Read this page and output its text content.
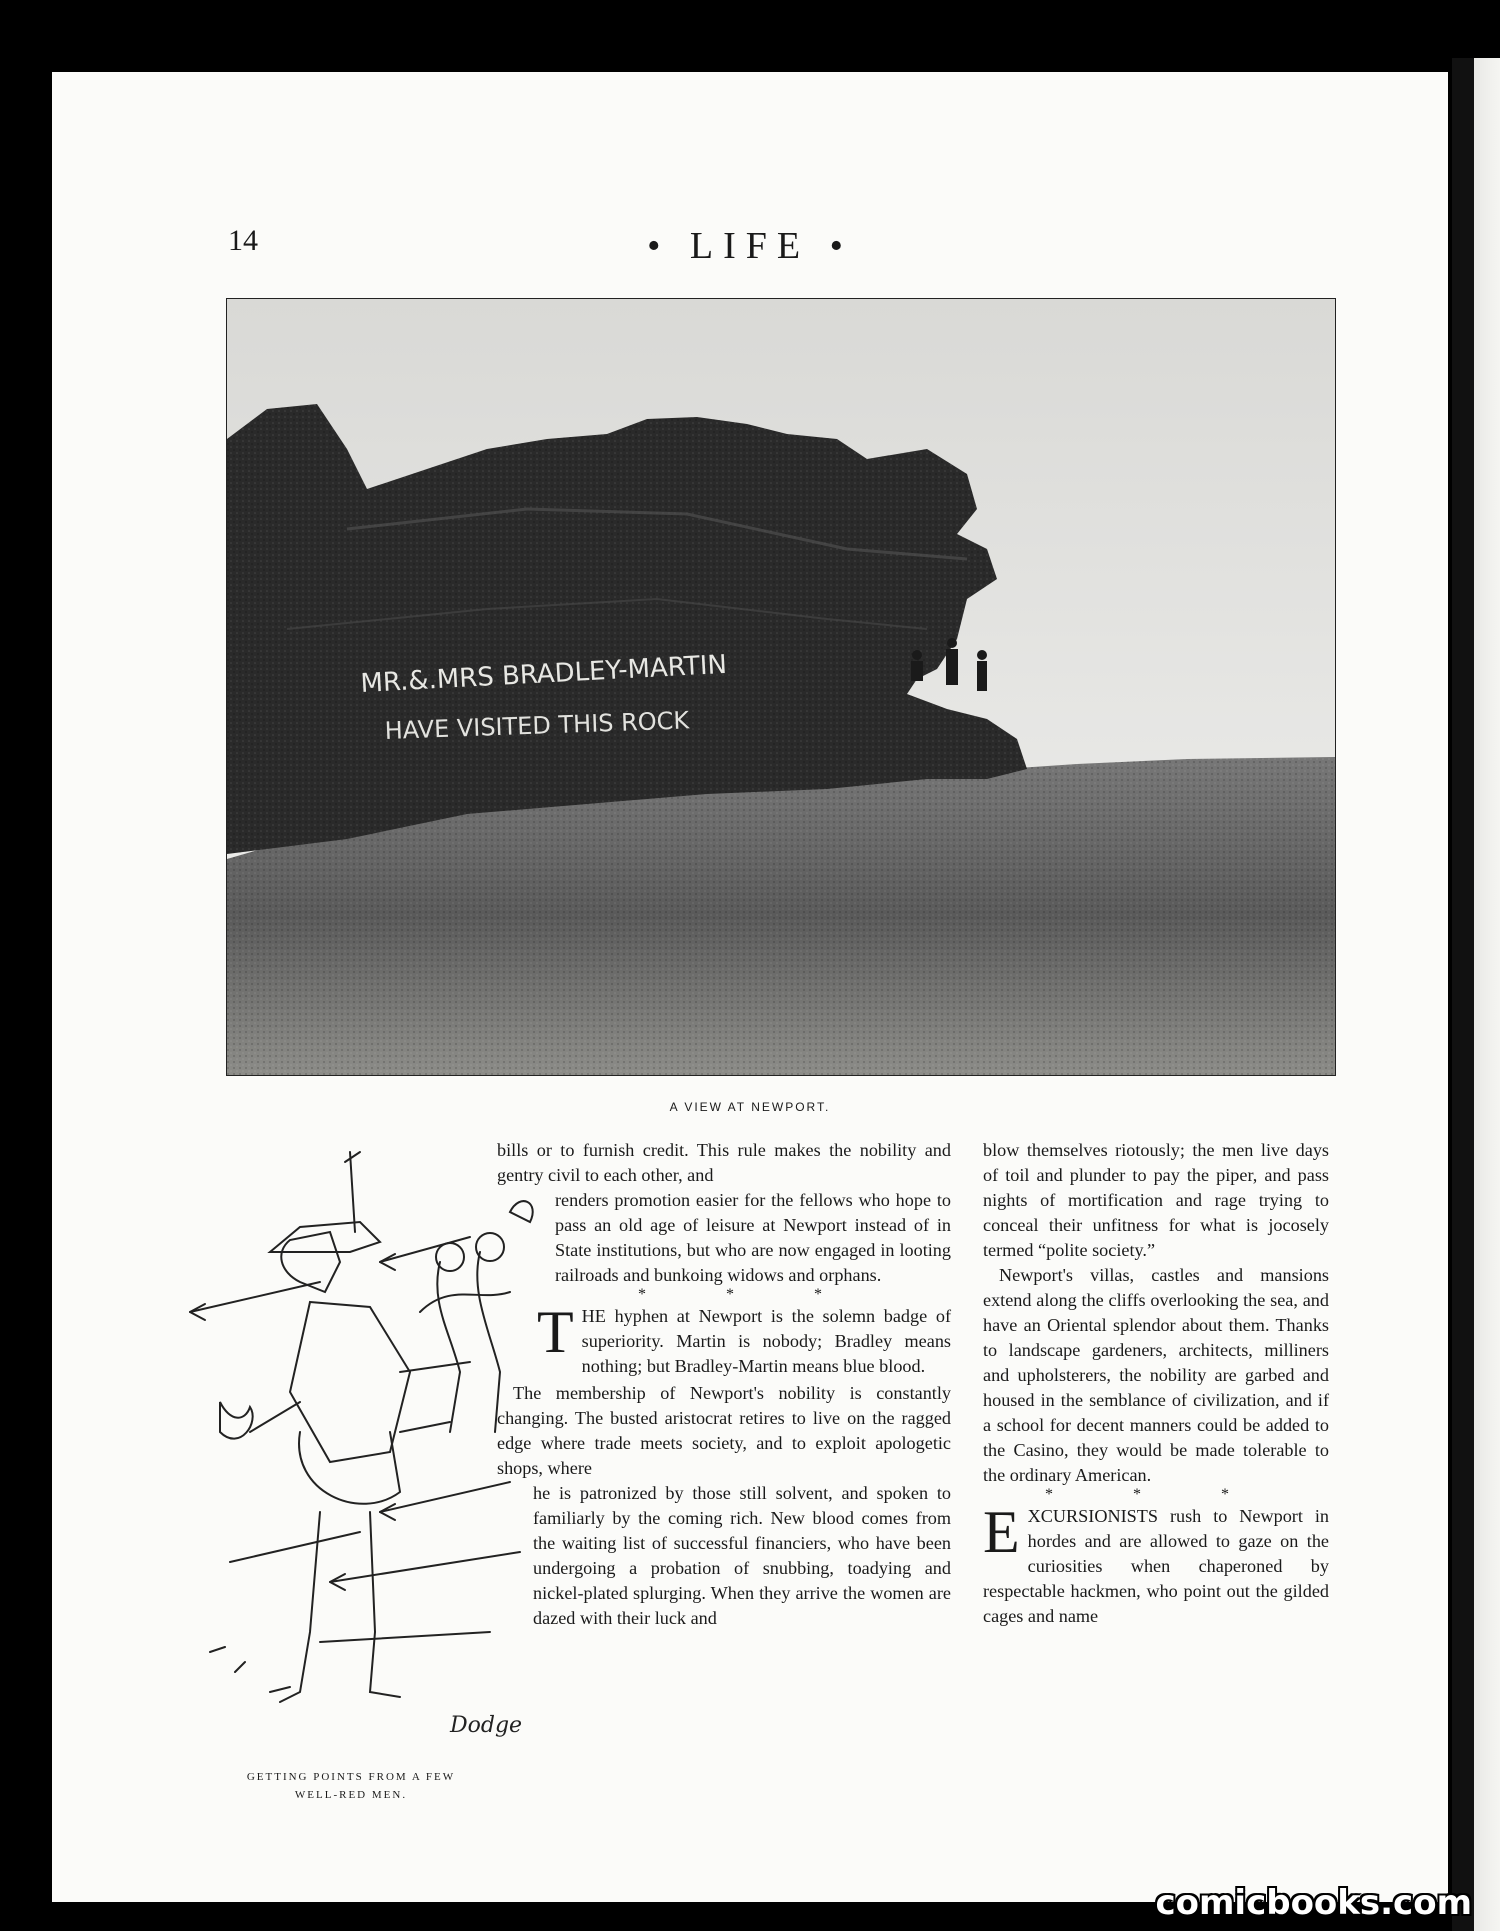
14	• LIFE •
MR.&.MRS BRADLEY-MARTIN
HAVE VISITED THIS ROCK
A VIEW AT NEWPORT.
Dodge
GETTING POINTS FROM A FEW
WELL-RED MEN.

bills or to furnish credit. This rule makes the nobility and gentry civil to each other, and

renders promotion easier for the fellows who hope to pass an old age of leisure at Newport instead of in State institutions, but who are now engaged in looting railroads and bunkoing widows and orphans.

* * *

THE hyphen at Newport is the solemn badge of superiority. Martin is nobody; Bradley means nothing; but Bradley-Martin means blue blood.

The membership of Newport's nobility is constantly changing. The busted aristocrat retires to live on the ragged edge where trade meets society, and to exploit apologetic shops, where

he is patronized by those still solvent, and spoken to familiarly by the coming rich. New blood comes from the waiting list of successful financiers, who have been undergoing a probation of snubbing, toadying and nickel-plated splurging. When they arrive the women are dazed with their luck and

blow themselves riotously; the men live days of toil and plunder to pay the piper, and pass nights of mortification and rage trying to conceal their unfitness for what is jocosely termed “polite society.”

Newport's villas, castles and mansions extend along the cliffs overlooking the sea, and have an Oriental splendor about them. Thanks to landscape gardeners, architects, milliners and upholsterers, the nobility are garbed and housed in the semblance of civilization, and if a school for decent manners could be added to the Casino, they would be made tolerable to the ordinary American.

* * *

EXCURSIONISTS rush to Newport in hordes and are allowed to gaze on the curiosities when chaperoned by respectable hackmen, who point out the gilded cages and name

comicbooks.com
